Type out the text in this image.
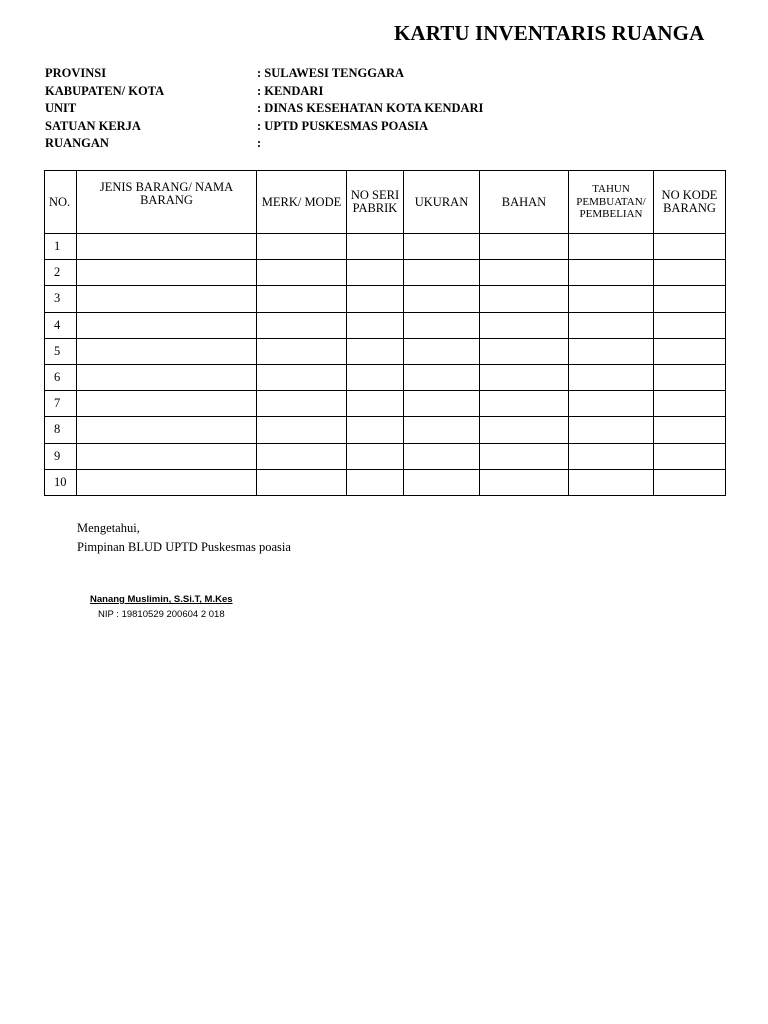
KARTU INVENTARIS RUANGA
PROVINSI	: SULAWESI TENGGARA
KABUPATEN/ KOTA	: KENDARI
UNIT	: DINAS KESEHATAN KOTA KENDARI
SATUAN KERJA	: UPTD PUSKESMAS POASIA
RUANGAN	:
NO.	JENIS BARANG/ NAMA BARANG	MERK/ MODE	NO SERI PABRIK	UKURAN	BAHAN	TAHUN PEMBUATAN/ PEMBELIAN	NO KODE BARANG
1							
2							
3							
4							
5							
6							
7							
8							
9							
10							
Mengetahui,
Pimpinan BLUD UPTD Puskesmas poasia
Nanang Muslimin, S.Si.T, M.Kes
NIP : 19810529 200604 2 018
